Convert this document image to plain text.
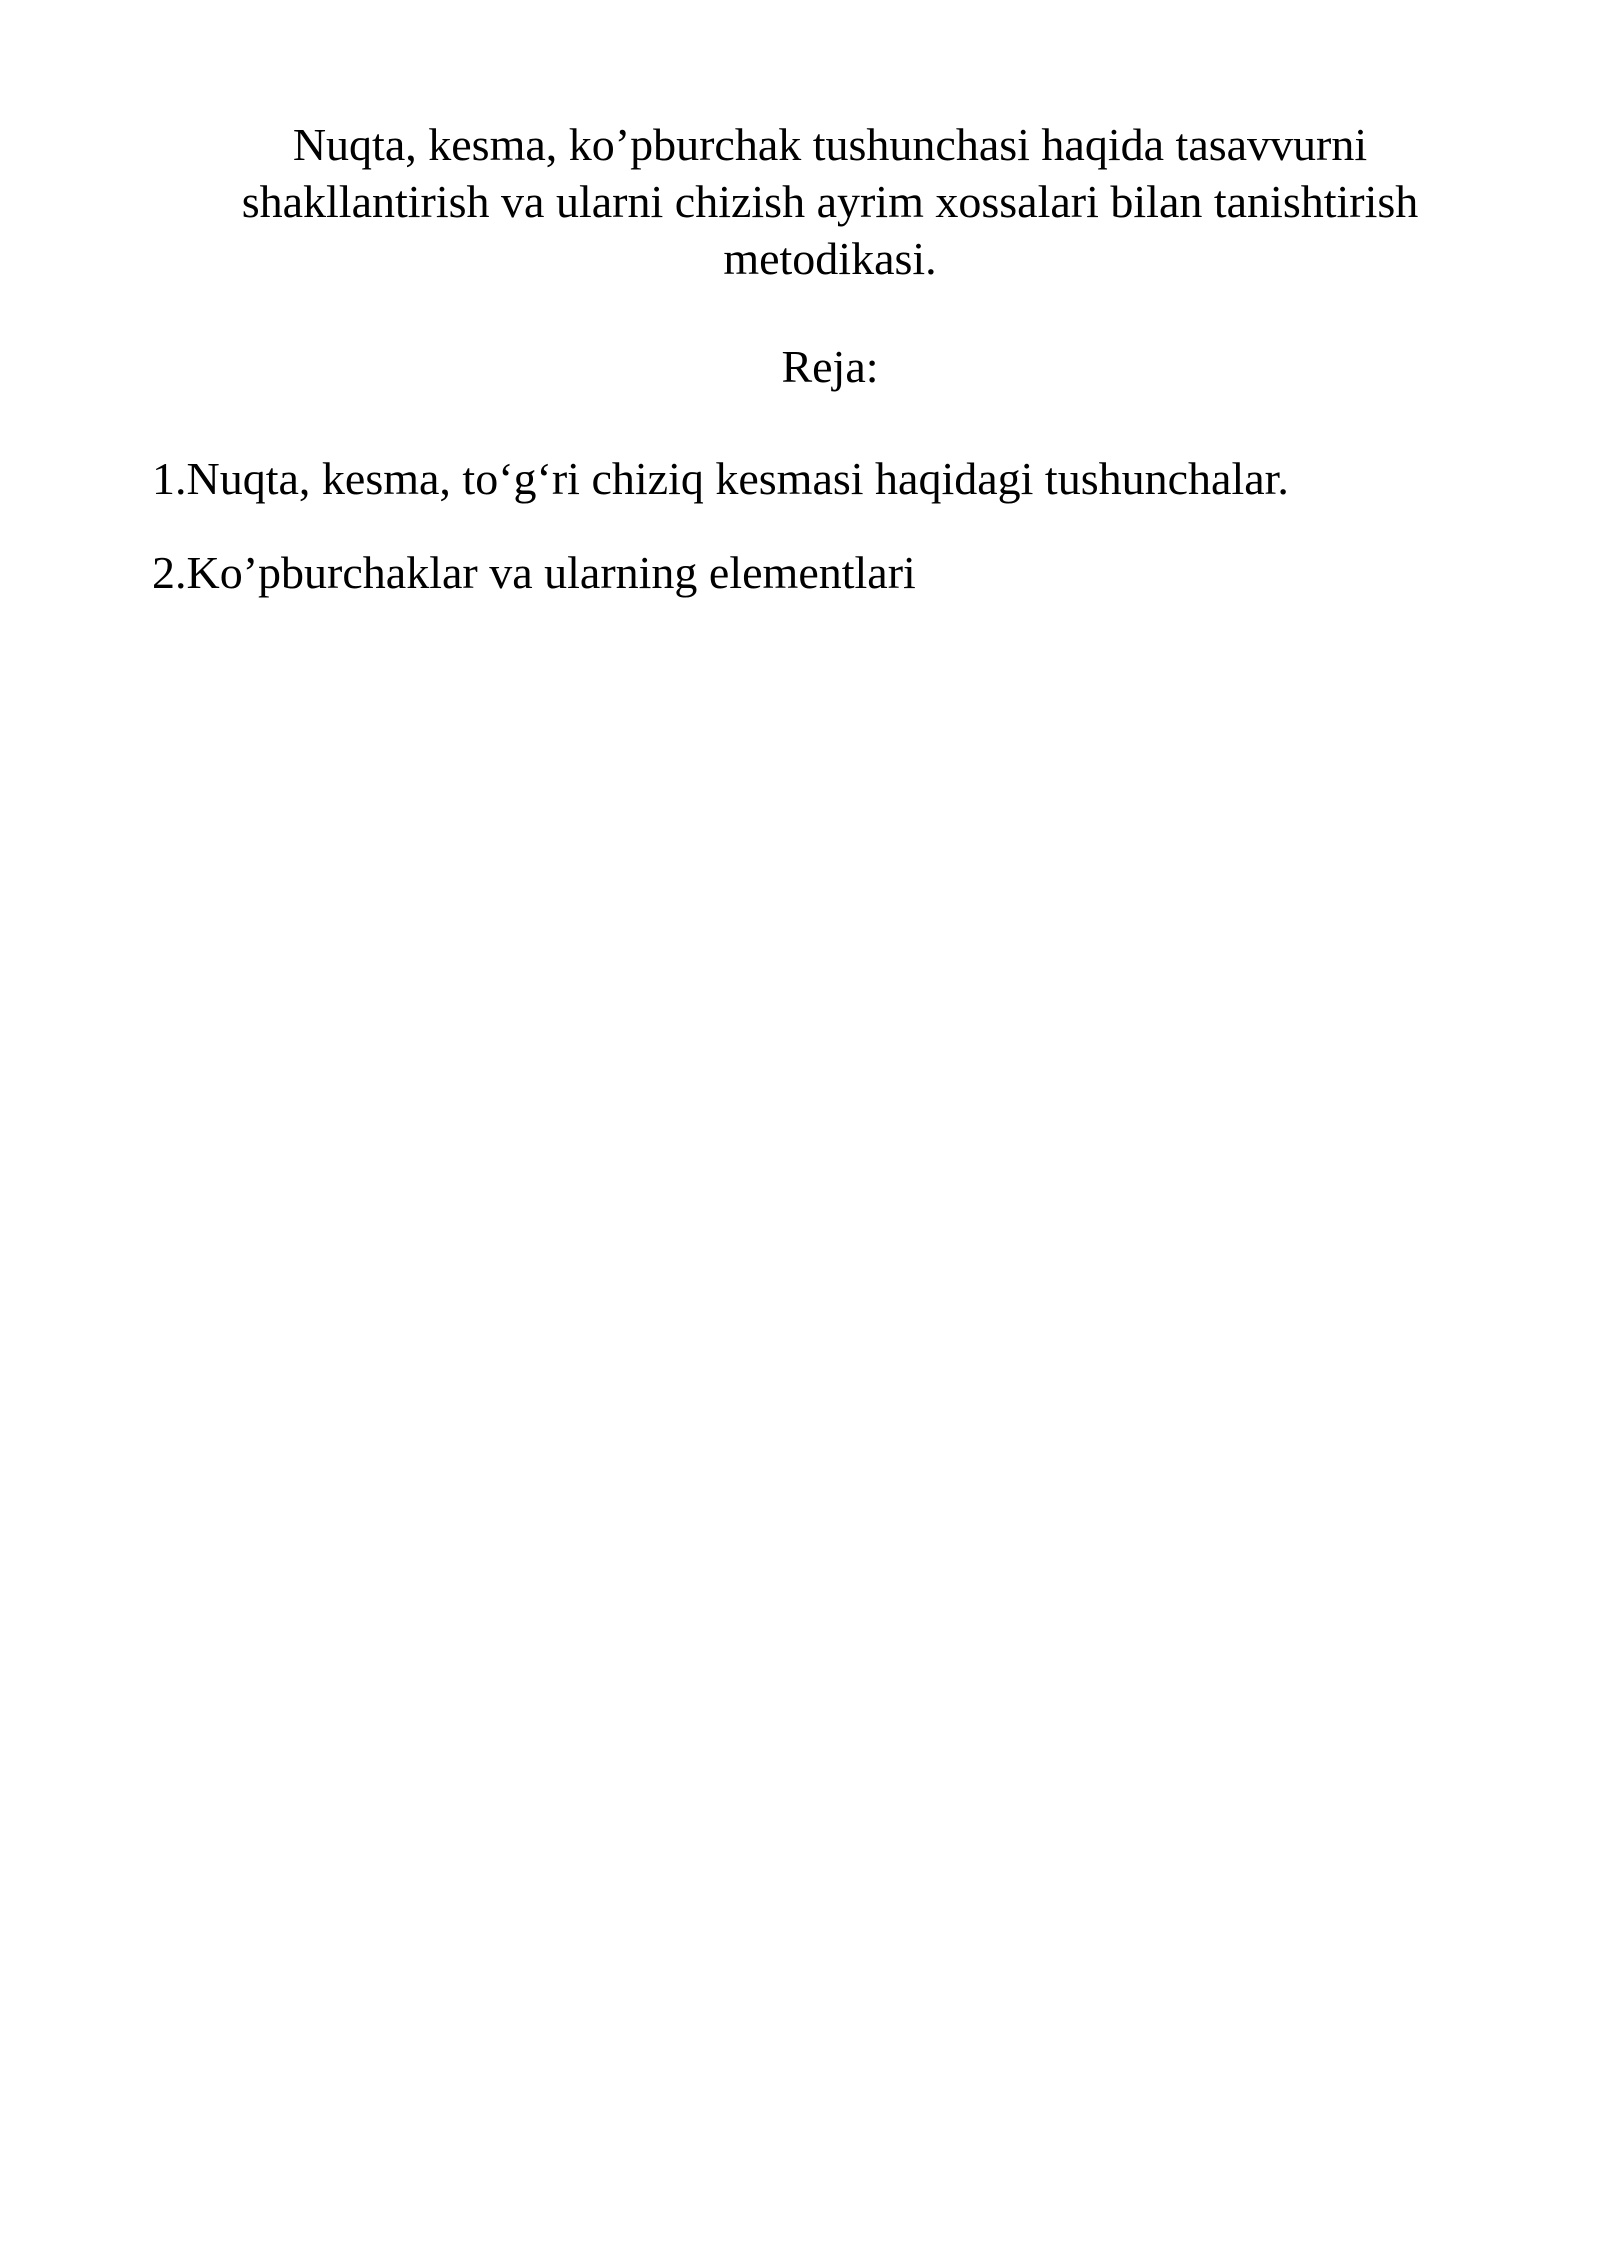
Nuqta, kesma, ko’pburchak tushunchasi haqida tasavvurni
shakllantirish va ularni chizish ayrim xossalari bilan tanishtirish
metodikasi.
Reja:
1.Nuqta, kesma, to‘g‘ri chiziq kesmasi haqidagi tushunchalar.
2.Ko’pburchaklar va ularning elementlari
